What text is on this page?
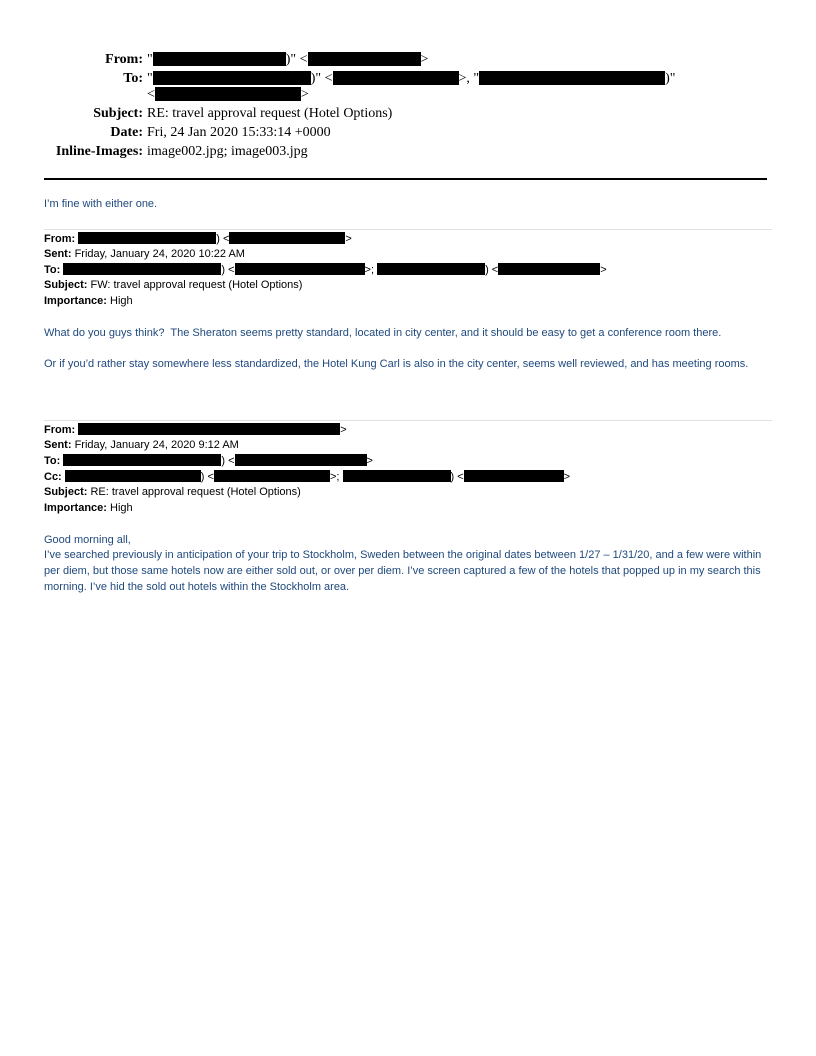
From: "	)" <	>
To: "	)" <	>, "	)"
<	>
Subject: RE: travel approval request (Hotel Options)
Date: Fri, 24 Jan 2020 15:33:14 +0000
Inline-Images: image002.jpg; image003.jpg
I’m fine with either one.
From:	) <	>
Sent: Friday, January 24, 2020 10:22 AM
To:	) <	>;	) <	>
Subject: FW: travel approval request (Hotel Options)
Importance: High
What do you guys think?  The Sheraton seems pretty standard, located in city center, and it should be easy to get a conference room there.
Or if you’d rather stay somewhere less standardized, the Hotel Kung Carl is also in the city center, seems well reviewed, and has meeting rooms.
From:	>
Sent: Friday, January 24, 2020 9:12 AM
To:	) <	>
Cc:	) <	>;	) <	>
Subject: RE: travel approval request (Hotel Options)
Importance: High
Good morning all,
I’ve searched previously in anticipation of your trip to Stockholm, Sweden between the original dates between 1/27 – 1/31/20, and a few were within per diem, but those same hotels now are either sold out, or over per diem. I’ve screen captured a few of the hotels that popped up in my search this morning. I’ve hid the sold out hotels within the Stockholm area.
